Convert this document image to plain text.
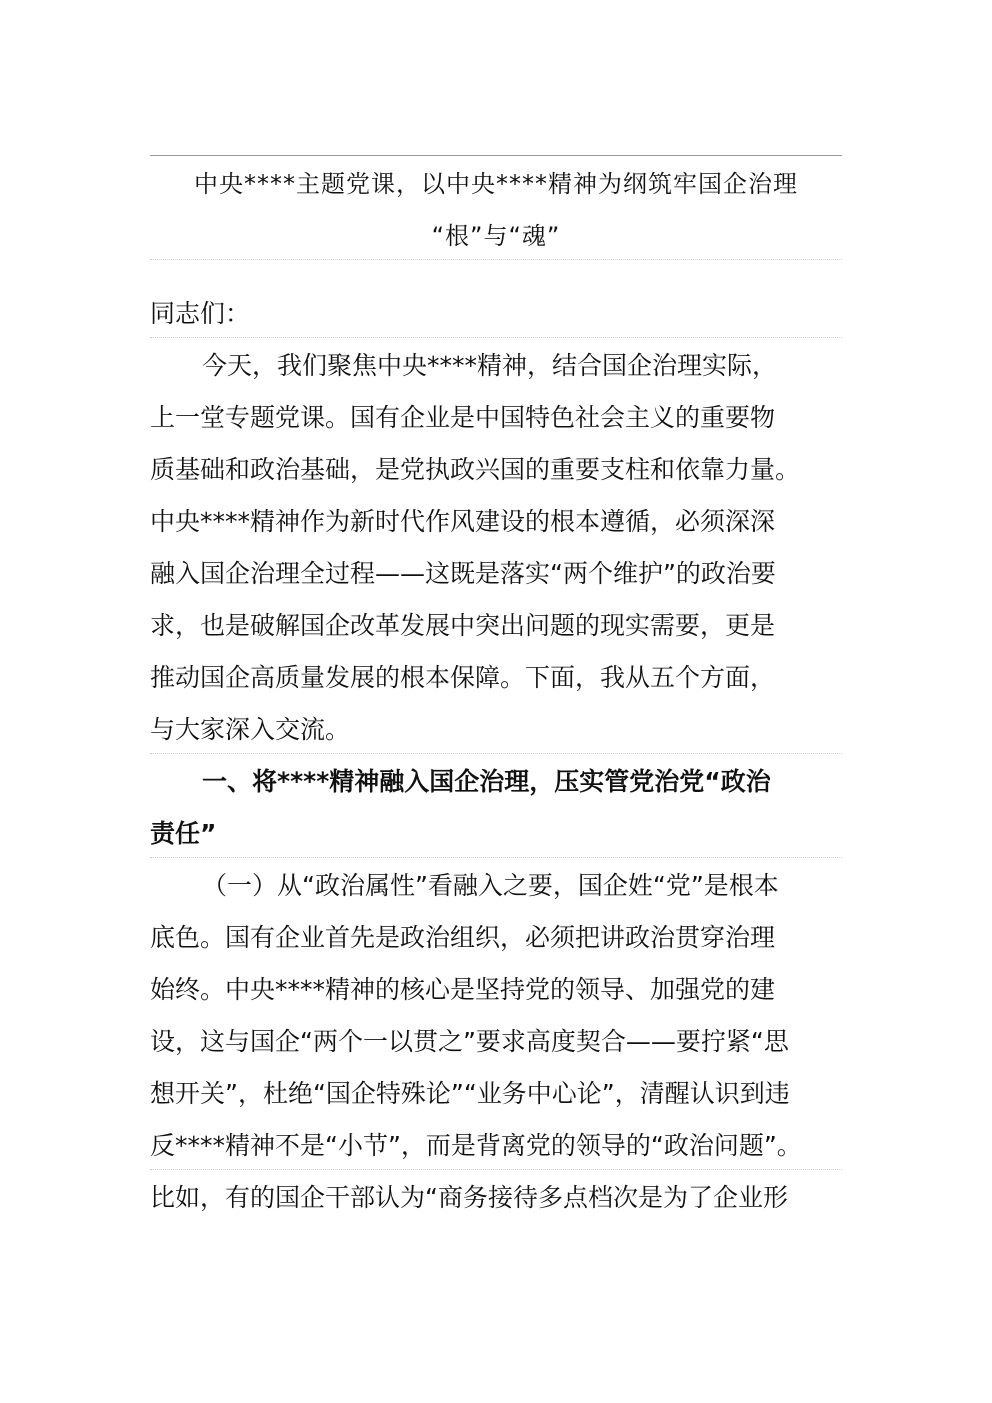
中央****主题党课，以中央****精神为纲筑牢国企治理
“根”与“魂”
同志们：
今天，我们聚焦中央****精神，结合国企治理实际，
上一堂专题党课。国有企业是中国特色社会主义的重要物
质基础和政治基础，是党执政兴国的重要支柱和依靠力量。
中央****精神作为新时代作风建设的根本遵循，必须深深
融入国企治理全过程——这既是落实“两个维护”的政治要
求，也是破解国企改革发展中突出问题的现实需要，更是
推动国企高质量发展的根本保障。下面，我从五个方面，
与大家深入交流。
一、将****精神融入国企治理，压实管党治党“政治
责任”
（一）从“政治属性”看融入之要，国企姓“党”是根本
底色。国有企业首先是政治组织，必须把讲政治贯穿治理
始终。中央****精神的核心是坚持党的领导、加强党的建
设，这与国企“两个一以贯之”要求高度契合——要拧紧“思
想开关”，杜绝“国企特殊论”“业务中心论”，清醒认识到违
反****精神不是“小节”，而是背离党的领导的“政治问题”。
比如，有的国企干部认为“商务接待多点档次是为了企业形
